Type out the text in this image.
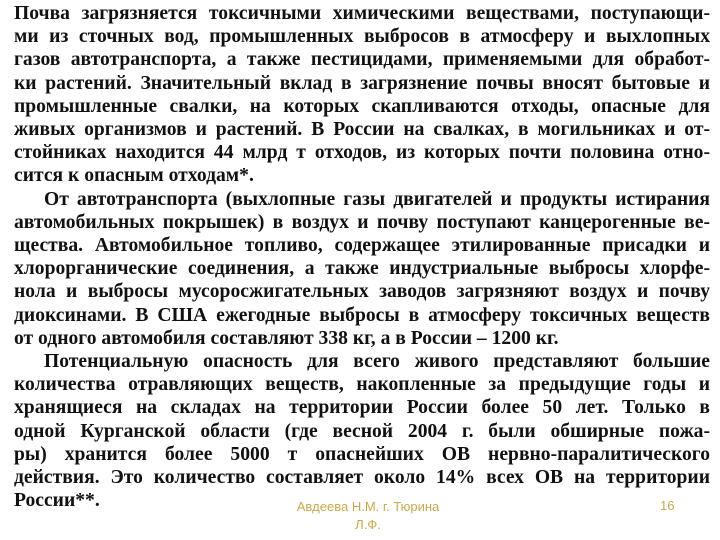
Почва загрязняется токсичными химическими веществами, поступающи-
ми из сточных вод, промышленных выбросов в атмосферу и выхлопных
газов автотранспорта, а также пестицидами, применяемыми для обработ-
ки растений. Значительный вклад в загрязнение почвы вносят бытовые и
промышленные свалки, на которых скапливаются отходы, опасные для
живых организмов и растений. В России на свалках, в могильниках и от-
стойниках находится 44 млрд т отходов, из которых почти половина отно-
сится к опасным отходам*.
От автотранспорта (выхлопные газы двигателей и продукты истирания
автомобильных покрышек) в воздух и почву поступают канцерогенные ве-
щества. Автомобильное топливо, содержащее этилированные присадки и
хлорорганические соединения, а также индустриальные выбросы хлорфе-
нола и выбросы мусоросжигательных заводов загрязняют воздух и почву
диоксинами. В США ежегодные выбросы в атмосферу токсичных веществ
от одного автомобиля составляют 338 кг, а в России – 1200 кг.
Потенциальную опасность для всего живого представляют большие
количества отравляющих веществ, накопленные за предыдущие годы и
хранящиеся на складах на территории России более 50 лет. Только в
одной Курганской области (где весной 2004 г. были обширные пожа-
ры) хранится более 5000 т опаснейших ОВ нервно-паралитического
действия. Это количество составляет около 14% всех ОВ на территории
России**.	Авдеева Н.М. г. Тюрина
Л.Ф.
16
